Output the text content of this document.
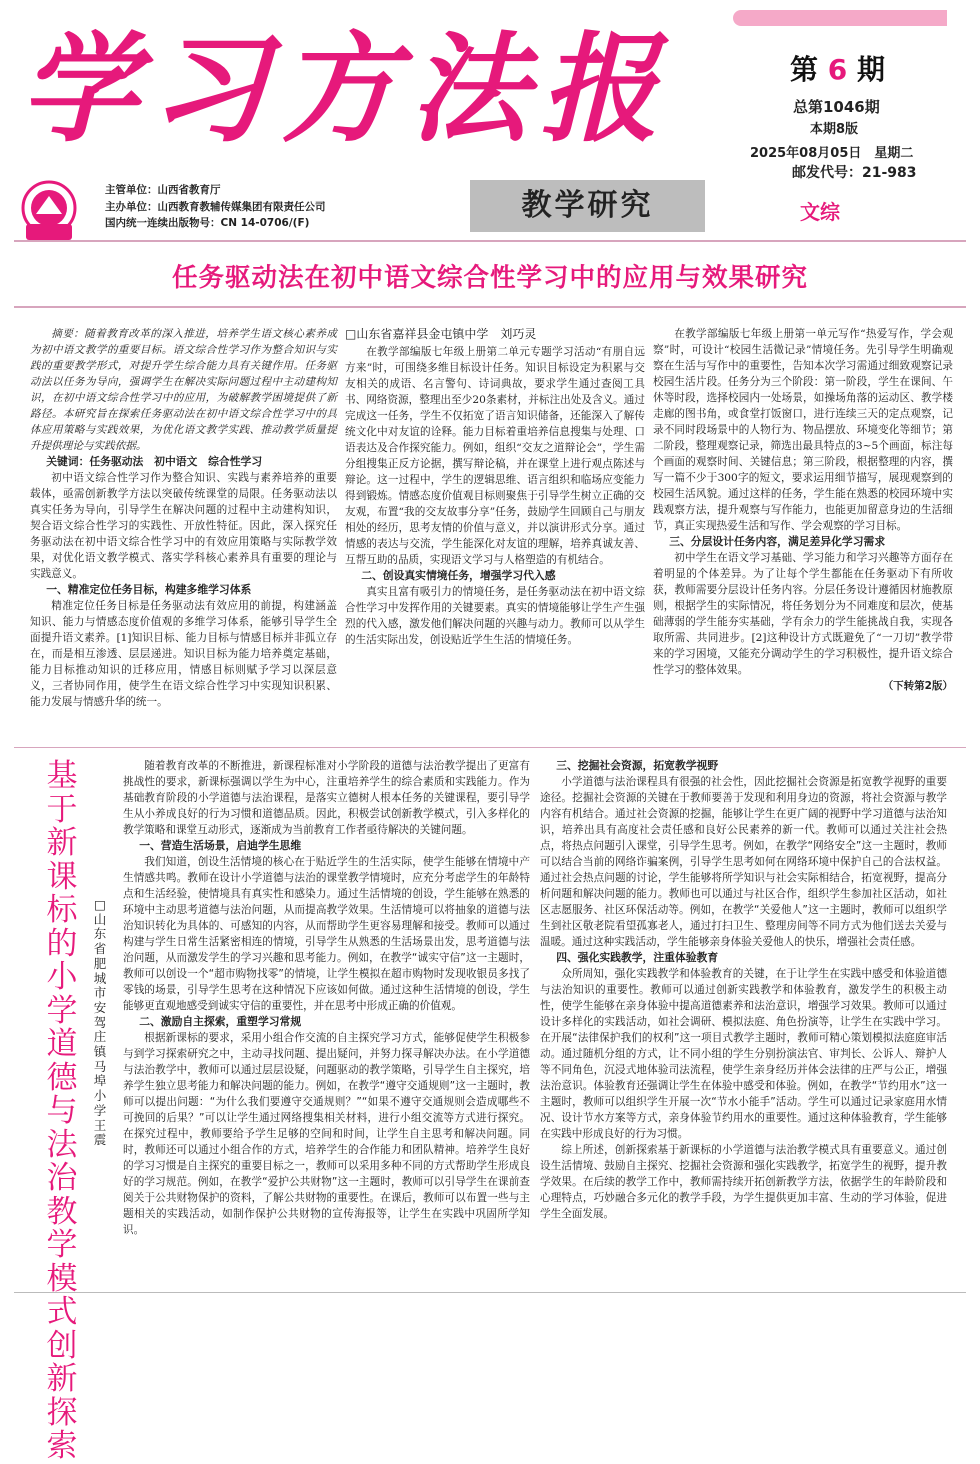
学习方法报	第 6 期
总第1046期
本期8版
2025年08月05日　星期二
邮发代号：21-983
主管单位：山西省教育厅
主办单位：山西教育教辅传媒集团有限责任公司
国内统一连续出版物号：CN 14-0706/(F)	教学研究	文综
任务驱动法在初中语文综合性学习中的应用与效果研究

摘要：随着教育改革的深入推进，培养学生语文核心素养成为初中语文教学的重要目标。语文综合性学习作为整合知识与实践的重要教学形式，对提升学生综合能力具有关键作用。任务驱动法以任务为导向，强调学生在解决实际问题过程中主动建构知识，在初中语文综合性学习中的应用，为破解教学困境提供了新路径。本研究旨在探索任务驱动法在初中语文综合性学习中的具体应用策略与实践效果，为优化语文教学实践、推动教学质量提升提供理论与实践依据。

关键词：任务驱动法　初中语文　综合性学习

初中语文综合性学习作为整合知识、实践与素养培养的重要载体，亟需创新教学方法以突破传统课堂的局限。任务驱动法以真实任务为导向，引导学生在解决问题的过程中主动建构知识，契合语文综合性学习的实践性、开放性特征。因此，深入探究任务驱动法在初中语文综合性学习中的有效应用策略与实际教学效果，对优化语文教学模式、落实学科核心素养具有重要的理论与实践意义。

一、精准定位任务目标，构建多维学习体系

精准定位任务目标是任务驱动法有效应用的前提，构建涵盖知识、能力与情感态度价值观的多维学习体系，能够引导学生全面提升语文素养。[1]知识目标、能力目标与情感目标并非孤立存在，而是相互渗透、层层递进。知识目标为能力培养奠定基础，能力目标推动知识的迁移应用，情感目标则赋予学习以深层意义，三者协同作用，使学生在语文综合性学习中实现知识积累、能力发展与情感升华的统一。

□山东省嘉祥县金屯镇中学　刘巧灵

在教学部编版七年级上册第二单元专题学习活动“有朋自远方来”时，可围绕多维目标设计任务。知识目标设定为积累与交友相关的成语、名言警句、诗词典故，要求学生通过查阅工具书、网络资源，整理出至少20条素材，并标注出处及含义。通过完成这一任务，学生不仅拓宽了语言知识储备，还能深入了解传统文化中对友谊的诠释。能力目标着重培养信息搜集与处理、口语表达及合作探究能力。例如，组织“交友之道辩论会”，学生需分组搜集正反方论据，撰写辩论稿，并在课堂上进行观点陈述与辩论。这一过程中，学生的逻辑思维、语言组织和临场应变能力得到锻炼。情感态度价值观目标则聚焦于引导学生树立正确的交友观，布置“我的交友故事分享”任务，鼓励学生回顾自己与朋友相处的经历，思考友情的价值与意义，并以演讲形式分享。通过情感的表达与交流，学生能深化对友谊的理解，培养真诚友善、互帮互助的品质，实现语文学习与人格塑造的有机结合。

二、创设真实情境任务，增强学习代入感

真实且富有吸引力的情境任务，是任务驱动法在初中语文综合性学习中发挥作用的关键要素。真实的情境能够让学生产生强烈的代入感，激发他们解决问题的兴趣与动力。教师可以从学生的生活实际出发，创设贴近学生生活的情境任务。

在教学部编版七年级上册第一单元写作“热爱写作，学会观察”时，可设计“校园生活微记录”情境任务。先引导学生明确观察在生活与写作中的重要性，告知本次学习需通过细致观察记录校园生活片段。任务分为三个阶段：第一阶段，学生在课间、午休等时段，选择校园内一处场景，如操场角落的运动区、教学楼走廊的图书角，或食堂打饭窗口，进行连续三天的定点观察，记录不同时段场景中的人物行为、物品摆放、环境变化等细节；第二阶段，整理观察记录，筛选出最具特点的3~5个画面，标注每个画面的观察时间、关键信息；第三阶段，根据整理的内容，撰写一篇不少于300字的短文，要求运用细节描写，展现观察到的校园生活风貌。通过这样的任务，学生能在熟悉的校园环境中实践观察方法，提升观察与写作能力，也能更加留意身边的生活细节，真正实现热爱生活和写作、学会观察的学习目标。

三、分层设计任务内容，满足差异化学习需求

初中学生在语文学习基础、学习能力和学习兴趣等方面存在着明显的个体差异。为了让每个学生都能在任务驱动下有所收获，教师需要分层设计任务内容。分层任务设计遵循因材施教原则，根据学生的实际情况，将任务划分为不同难度和层次，使基础薄弱的学生能夯实基础，学有余力的学生能挑战自我，实现各取所需、共同进步。[2]这种设计方式既避免了“一刀切”教学带来的学习困境，又能充分调动学生的学习积极性，提升语文综合性学习的整体效果。

（下转第2版）
基于新课标的小学道德与法治教学模式创新探索
□山东省肥城市安驾庄镇马埠小学　王震

随着教育改革的不断推进，新课程标准对小学阶段的道德与法治教学提出了更富有挑战性的要求，新课标强调以学生为中心，注重培养学生的综合素质和实践能力。作为基础教育阶段的小学道德与法治课程，是落实立德树人根本任务的关键课程，要引导学生从小养成良好的行为习惯和道德品质。因此，积极尝试创新教学模式，引入多样化的教学策略和课堂互动形式，逐渐成为当前教育工作者亟待解决的关键问题。

一、营造生活场景，启迪学生思维

我们知道，创设生活情境的核心在于贴近学生的生活实际，使学生能够在情境中产生情感共鸣。教师在设计小学道德与法治的课堂教学情境时，应充分考虑学生的年龄特点和生活经验，使情境具有真实性和感染力。通过生活情境的创设，学生能够在熟悉的环境中主动思考道德与法治问题，从而提高教学效果。生活情境可以将抽象的道德与法治知识转化为具体的、可感知的内容，从而帮助学生更容易理解和接受。教师可以通过构建与学生日常生活紧密相连的情境，引导学生从熟悉的生活场景出发，思考道德与法治问题，从而激发学生的学习兴趣和思考能力。例如，在教学“诚实守信”这一主题时，教师可以创设一个“超市购物找零”的情境，让学生模拟在超市购物时发现收银员多找了零钱的场景，引导学生思考在这种情况下应该如何做。通过这种生活情境的创设，学生能够更直观地感受到诚实守信的重要性，并在思考中形成正确的价值观。

二、激励自主探索，重塑学习常规

根据新课标的要求，采用小组合作交流的自主探究学习方式，能够促使学生积极参与到学习探索研究之中，主动寻找问题、提出疑问，并努力探寻解决办法。在小学道德与法治教学中，教师可以通过层层设疑，问题驱动的教学策略，引导学生自主探究，培养学生独立思考能力和解决问题的能力。例如，在教学“遵守交通规则”这一主题时，教师可以提出问题：“为什么我们要遵守交通规则？”“如果不遵守交通规则会造成哪些不可挽回的后果？”可以让学生通过网络搜集相关材料，进行小组交流等方式进行探究。在探究过程中，教师要给予学生足够的空间和时间，让学生自主思考和解决问题。同时，教师还可以通过小组合作的方式，培养学生的合作能力和团队精神。培养学生良好的学习习惯是自主探究的重要目标之一，教师可以采用多种不同的方式帮助学生形成良好的学习规范。例如，在教学“爱护公共财物”这一主题时，教师可以引导学生在课前查阅关于公共财物保护的资料，了解公共财物的重要性。在课后，教师可以布置一些与主题相关的实践活动，如制作保护公共财物的宣传海报等，让学生在实践中巩固所学知识。

三、挖掘社会资源，拓宽教学视野

小学道德与法治课程具有很强的社会性，因此挖掘社会资源是拓宽教学视野的重要途径。挖掘社会资源的关键在于教师要善于发现和利用身边的资源，将社会资源与教学内容有机结合。通过社会资源的挖掘，能够让学生在更广阔的视野中学习道德与法治知识，培养出具有高度社会责任感和良好公民素养的新一代。教师可以通过关注社会热点，将热点问题引入课堂，引导学生思考。例如，在教学“网络安全”这一主题时，教师可以结合当前的网络诈骗案例，引导学生思考如何在网络环境中保护自己的合法权益。通过社会热点问题的讨论，学生能够将所学知识与社会实际相结合，拓宽视野，提高分析问题和解决问题的能力。教师也可以通过与社区合作，组织学生参加社区活动，如社区志愿服务、社区环保活动等。例如，在教学“关爱他人”这一主题时，教师可以组织学生到社区敬老院看望孤寡老人，通过打扫卫生、整理房间等不同方式为他们送去关爱与温暖。通过这种实践活动，学生能够亲身体验关爱他人的快乐，增强社会责任感。

四、强化实践教学，注重体验教育

众所周知，强化实践教学和体验教育的关键，在于让学生在实践中感受和体验道德与法治知识的重要性。教师可以通过创新实践教学和体验教育，激发学生的积极主动性，使学生能够在亲身体验中提高道德素养和法治意识，增强学习效果。教师可以通过设计多样化的实践活动，如社会调研、模拟法庭、角色扮演等，让学生在实践中学习。在开展“法律保护我们的权利”这一项目式教学主题时，教师可精心策划模拟法庭庭审活动。通过随机分组的方式，让不同小组的学生分别扮演法官、审判长、公诉人、辩护人等不同角色，沉浸式地体验司法流程，使学生亲身经历并体会法律的庄严与公正，增强法治意识。体验教育还强调让学生在体验中感受和体验。例如，在教学“节约用水”这一主题时，教师可以组织学生开展一次“节水小能手”活动。学生可以通过记录家庭用水情况、设计节水方案等方式，亲身体验节约用水的重要性。通过这种体验教育，学生能够在实践中形成良好的行为习惯。

综上所述，创新探索基于新课标的小学道德与法治教学模式具有重要意义。通过创设生活情境、鼓励自主探究、挖掘社会资源和强化实践教学，拓宽学生的视野，提升教学效果。在后续的教学工作中，教师需持续开拓创新教学方法，依据学生的年龄阶段和心理特点，巧妙融合多元化的教学手段，为学生提供更加丰富、生动的学习体验，促进学生全面发展。
